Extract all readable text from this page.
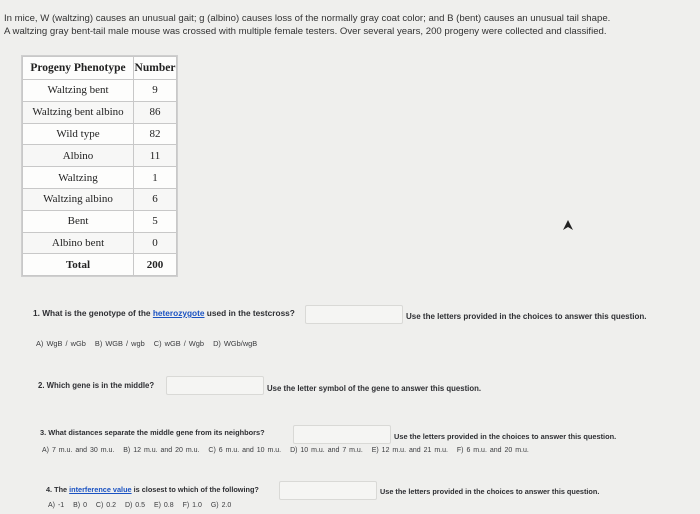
In mice, W (waltzing) causes an unusual gait; g (albino) causes loss of the normally gray coat color; and B (bent) causes an unusual tail shape.
A waltzing gray bent-tail male mouse was crossed with multiple female testers. Over several years, 200 progeny were collected and classified.
Progeny Phenotype	Number
Waltzing bent	9
Waltzing bent albino	86
Wild type	82
Albino	11
Waltzing	1
Waltzing albino	6
Bent	5
Albino bent	0
Total	200
1. What is the genotype of the heterozygote used in the testcross?	Use the letters provided in the choices to answer this question.
A) WgB / wGb B) WGB / wgb C) wGB / Wgb D) WGb/wgB
2. Which gene is in the middle?	Use the letter symbol of the gene to answer this question.
3. What distances separate the middle gene from its neighbors?	Use the letters provided in the choices to answer this question.
A) 7 m.u. and 30 m.u. B) 12 m.u. and 20 m.u. C) 6 m.u. and 10 m.u. D) 10 m.u. and 7 m.u. E) 12 m.u. and 21 m.u. F) 6 m.u. and 20 m.u.
4. The interference value is closest to which of the following?	Use the letters provided in the choices to answer this question.
A) -1 B) 0 C) 0.2 D) 0.5 E) 0.8 F) 1.0 G) 2.0
